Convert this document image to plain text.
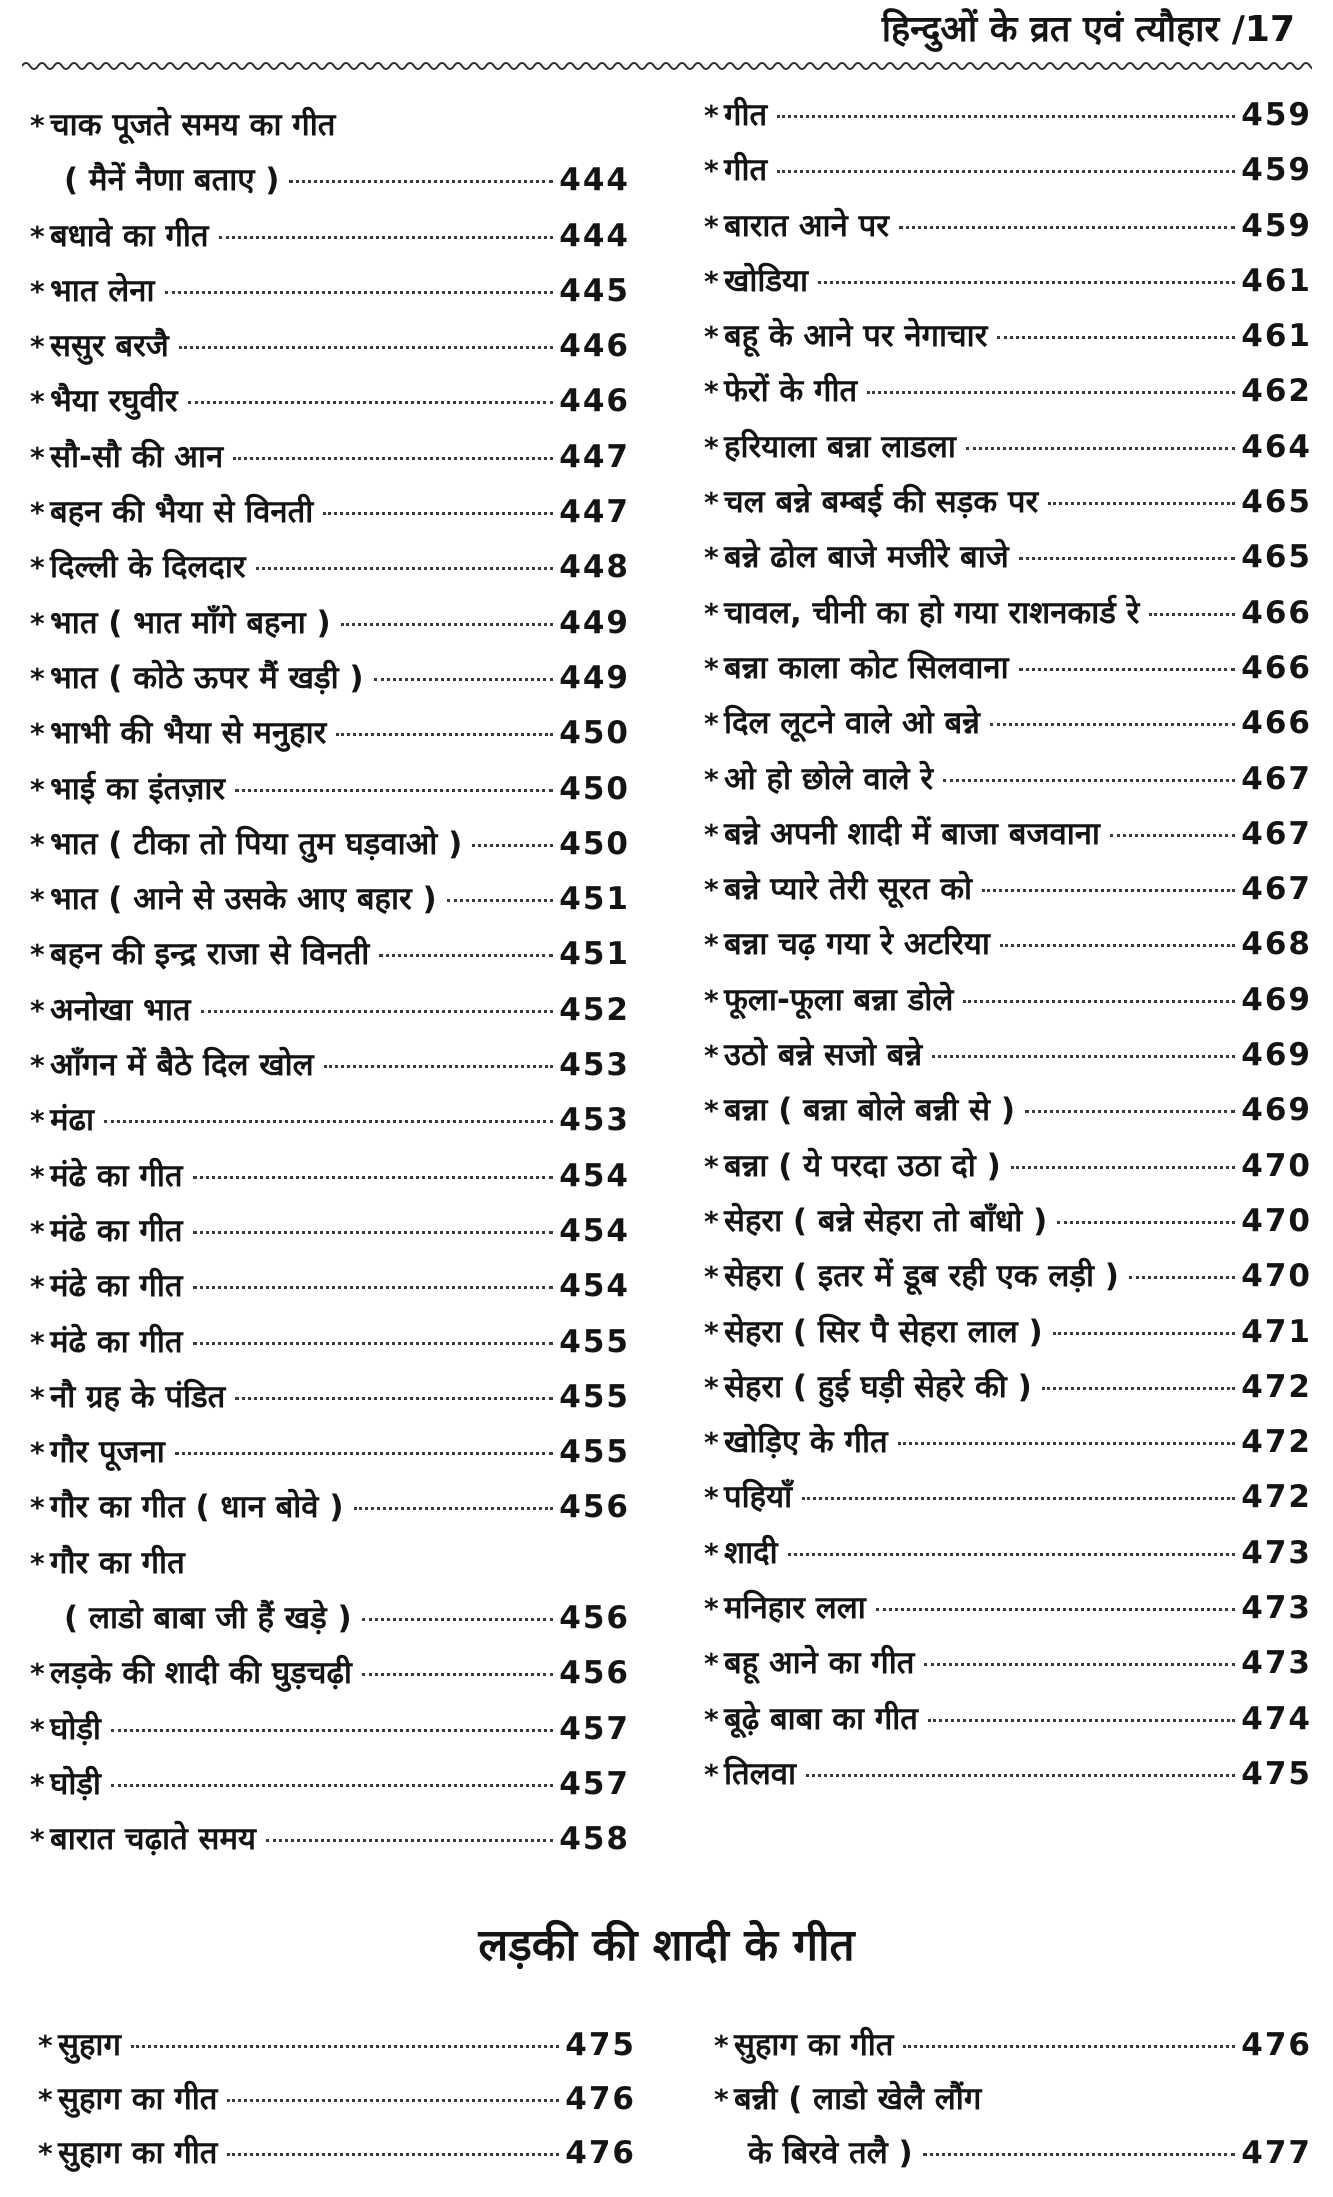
हिन्दुओं के व्रत एवं त्यौहार /17
* चाक पूजते समय का गीत
( मैनें नैणा बताए )	444
* बधावे का गीत	444
* भात लेना	445
* ससुर बरजै	446
* भैया रघुवीर	446
* सौ-सौ की आन	447
* बहन की भैया से विनती	447
* दिल्ली के दिलदार	448
* भात ( भात माँगे बहना )	449
* भात ( कोठे ऊपर मैं खड़ी )	449
* भाभी की भैया से मनुहार	450
* भाई का इंतज़ार	450
* भात ( टीका तो पिया तुम घड़वाओ )	450
* भात ( आने से उसके आए बहार )	451
* बहन की इन्द्र राजा से विनती	451
* अनोखा भात	452
* आँगन में बैठे दिल खोल	453
* मंढा	453
* मंढे का गीत	454
* मंढे का गीत	454
* मंढे का गीत	454
* मंढे का गीत	455
* नौ ग्रह के पंडित	455
* गौर पूजना	455
* गौर का गीत ( धान बोवे )	456
* गौर का गीत
( लाडो बाबा जी हैं खड़े )	456
* लड़के की शादी की घुड़चढ़ी	456
* घोड़ी	457
* घोड़ी	457
* बारात चढ़ाते समय	458
* गीत	459
* गीत	459
* बारात आने पर	459
* खोडिया	461
* बहू के आने पर नेगाचार	461
* फेरों के गीत	462
* हरियाला बन्ना लाडला	464
* चल बन्ने बम्बई की सड़क पर	465
* बन्ने ढोल बाजे मजीरे बाजे	465
* चावल, चीनी का हो गया राशनकार्ड रे	466
* बन्ना काला कोट सिलवाना	466
* दिल लूटने वाले ओ बन्ने	466
* ओ हो छोले वाले रे	467
* बन्ने अपनी शादी में बाजा बजवाना	467
* बन्ने प्यारे तेरी सूरत को	467
* बन्ना चढ़ गया रे अटरिया	468
* फूला-फूला बन्ना डोले	469
* उठो बन्ने सजो बन्ने	469
* बन्ना ( बन्ना बोले बन्नी से )	469
* बन्ना ( ये परदा उठा दो )	470
* सेहरा ( बन्ने सेहरा तो बाँधो )	470
* सेहरा ( इतर में डूब रही एक लड़ी )	470
* सेहरा ( सिर पै सेहरा लाल )	471
* सेहरा ( हुई घड़ी सेहरे की )	472
* खोड़िए के गीत	472
* पहियाँ	472
* शादी	473
* मनिहार लला	473
* बहू आने का गीत	473
* बूढ़े बाबा का गीत	474
* तिलवा	475
लड़की की शादी के गीत
* सुहाग	475
* सुहाग का गीत	476
* सुहाग का गीत	476
* सुहाग का गीत	476
* बन्नी ( लाडो खेलै लौंग
के बिरवे तलै )	477
